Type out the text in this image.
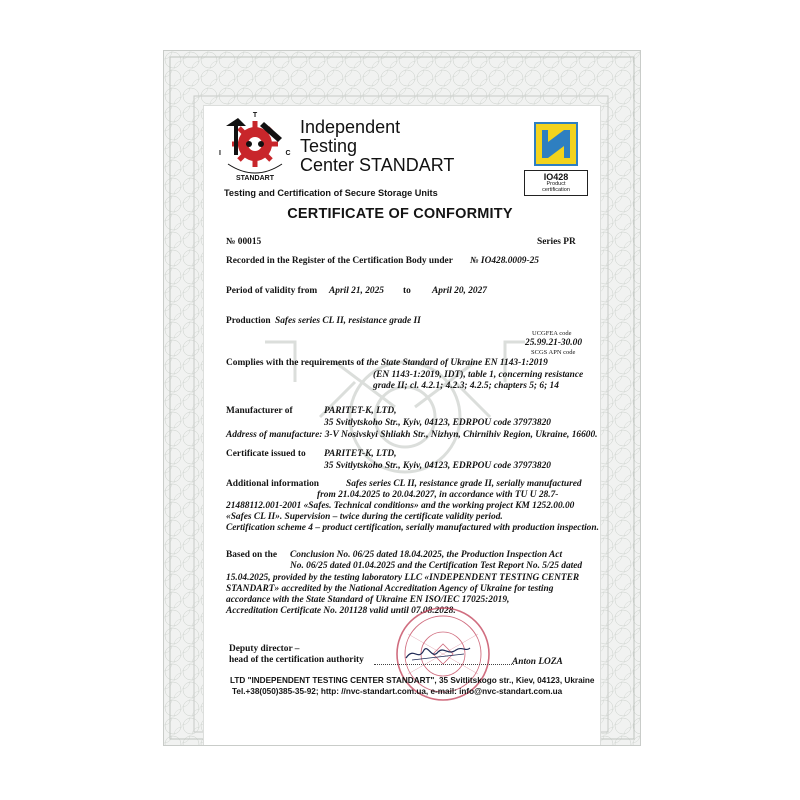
T
I	C
STANDART
Independent
Testing
Center STANDART
Testing and Certification of Secure Storage Units
IO428
Product
certification
CERTIFICATE OF CONFORMITY
№ 00015	Series PR
Recorded in the Register of the Certification Body under № IO428.0009-25
Period of validity from April 21, 2025 to April 20, 2027
Production Safes series CL II, resistance grade II
UCGFEA code
25.99.21-30.00
SCGS APN code
Complies with the requirements of the State Standard of Ukraine EN 1143-1:2019
(EN 1143-1:2019, IDT), table 1, concerning resistance
grade II; cl. 4.2.1; 4.2.3; 4.2.5; chapters 5; 6; 14
Manufacturer of	PARITET-K, LTD,
35 Svitlytskoho Str., Kyiv, 04123, EDRPOU code 37973820
Address of manufacture: 3-V Nosivskyi Shliakh Str., Nizhyn, Chirnihiv Region, Ukraine, 16600.
Certificate issued to PARITET-K, LTD,
35 Svitlytskoho Str., Kyiv, 04123, EDRPOU code 37973820
Additional information	Safes series CL II, resistance grade II, serially manufactured
from 21.04.2025 to 20.04.2027, in accordance with TU U 28.7-
21488112.001-2001 «Safes. Technical conditions» and the working project KM 1252.00.00
«Safes CL II». Supervision – twice during the certificate validity period.
Certification scheme 4 – product certification, serially manufactured with production inspection.
Based on the Conclusion No. 06/25 dated 18.04.2025, the Production Inspection Act
No. 06/25 dated 01.04.2025 and the Certification Test Report No. 5/25 dated
15.04.2025, provided by the testing laboratory LLC «INDEPENDENT TESTING CENTER
STANDART» accredited by the National Accreditation Agency of Ukraine for testing
accordance with the State Standard of Ukraine EN ISO/IEC 17025:2019,
Accreditation Certificate No. 201128 valid until 07.08.2028.
Deputy director –
head of the certification authority	Anton LOZA
LTD "INDEPENDENT TESTING CENTER STANDART", 35 Svitlitskogo str., Kiev, 04123, Ukraine
Tel.+38(050)385-35-92; http: //nvc-standart.com.ua, e-mail: info@nvc-standart.com.ua
